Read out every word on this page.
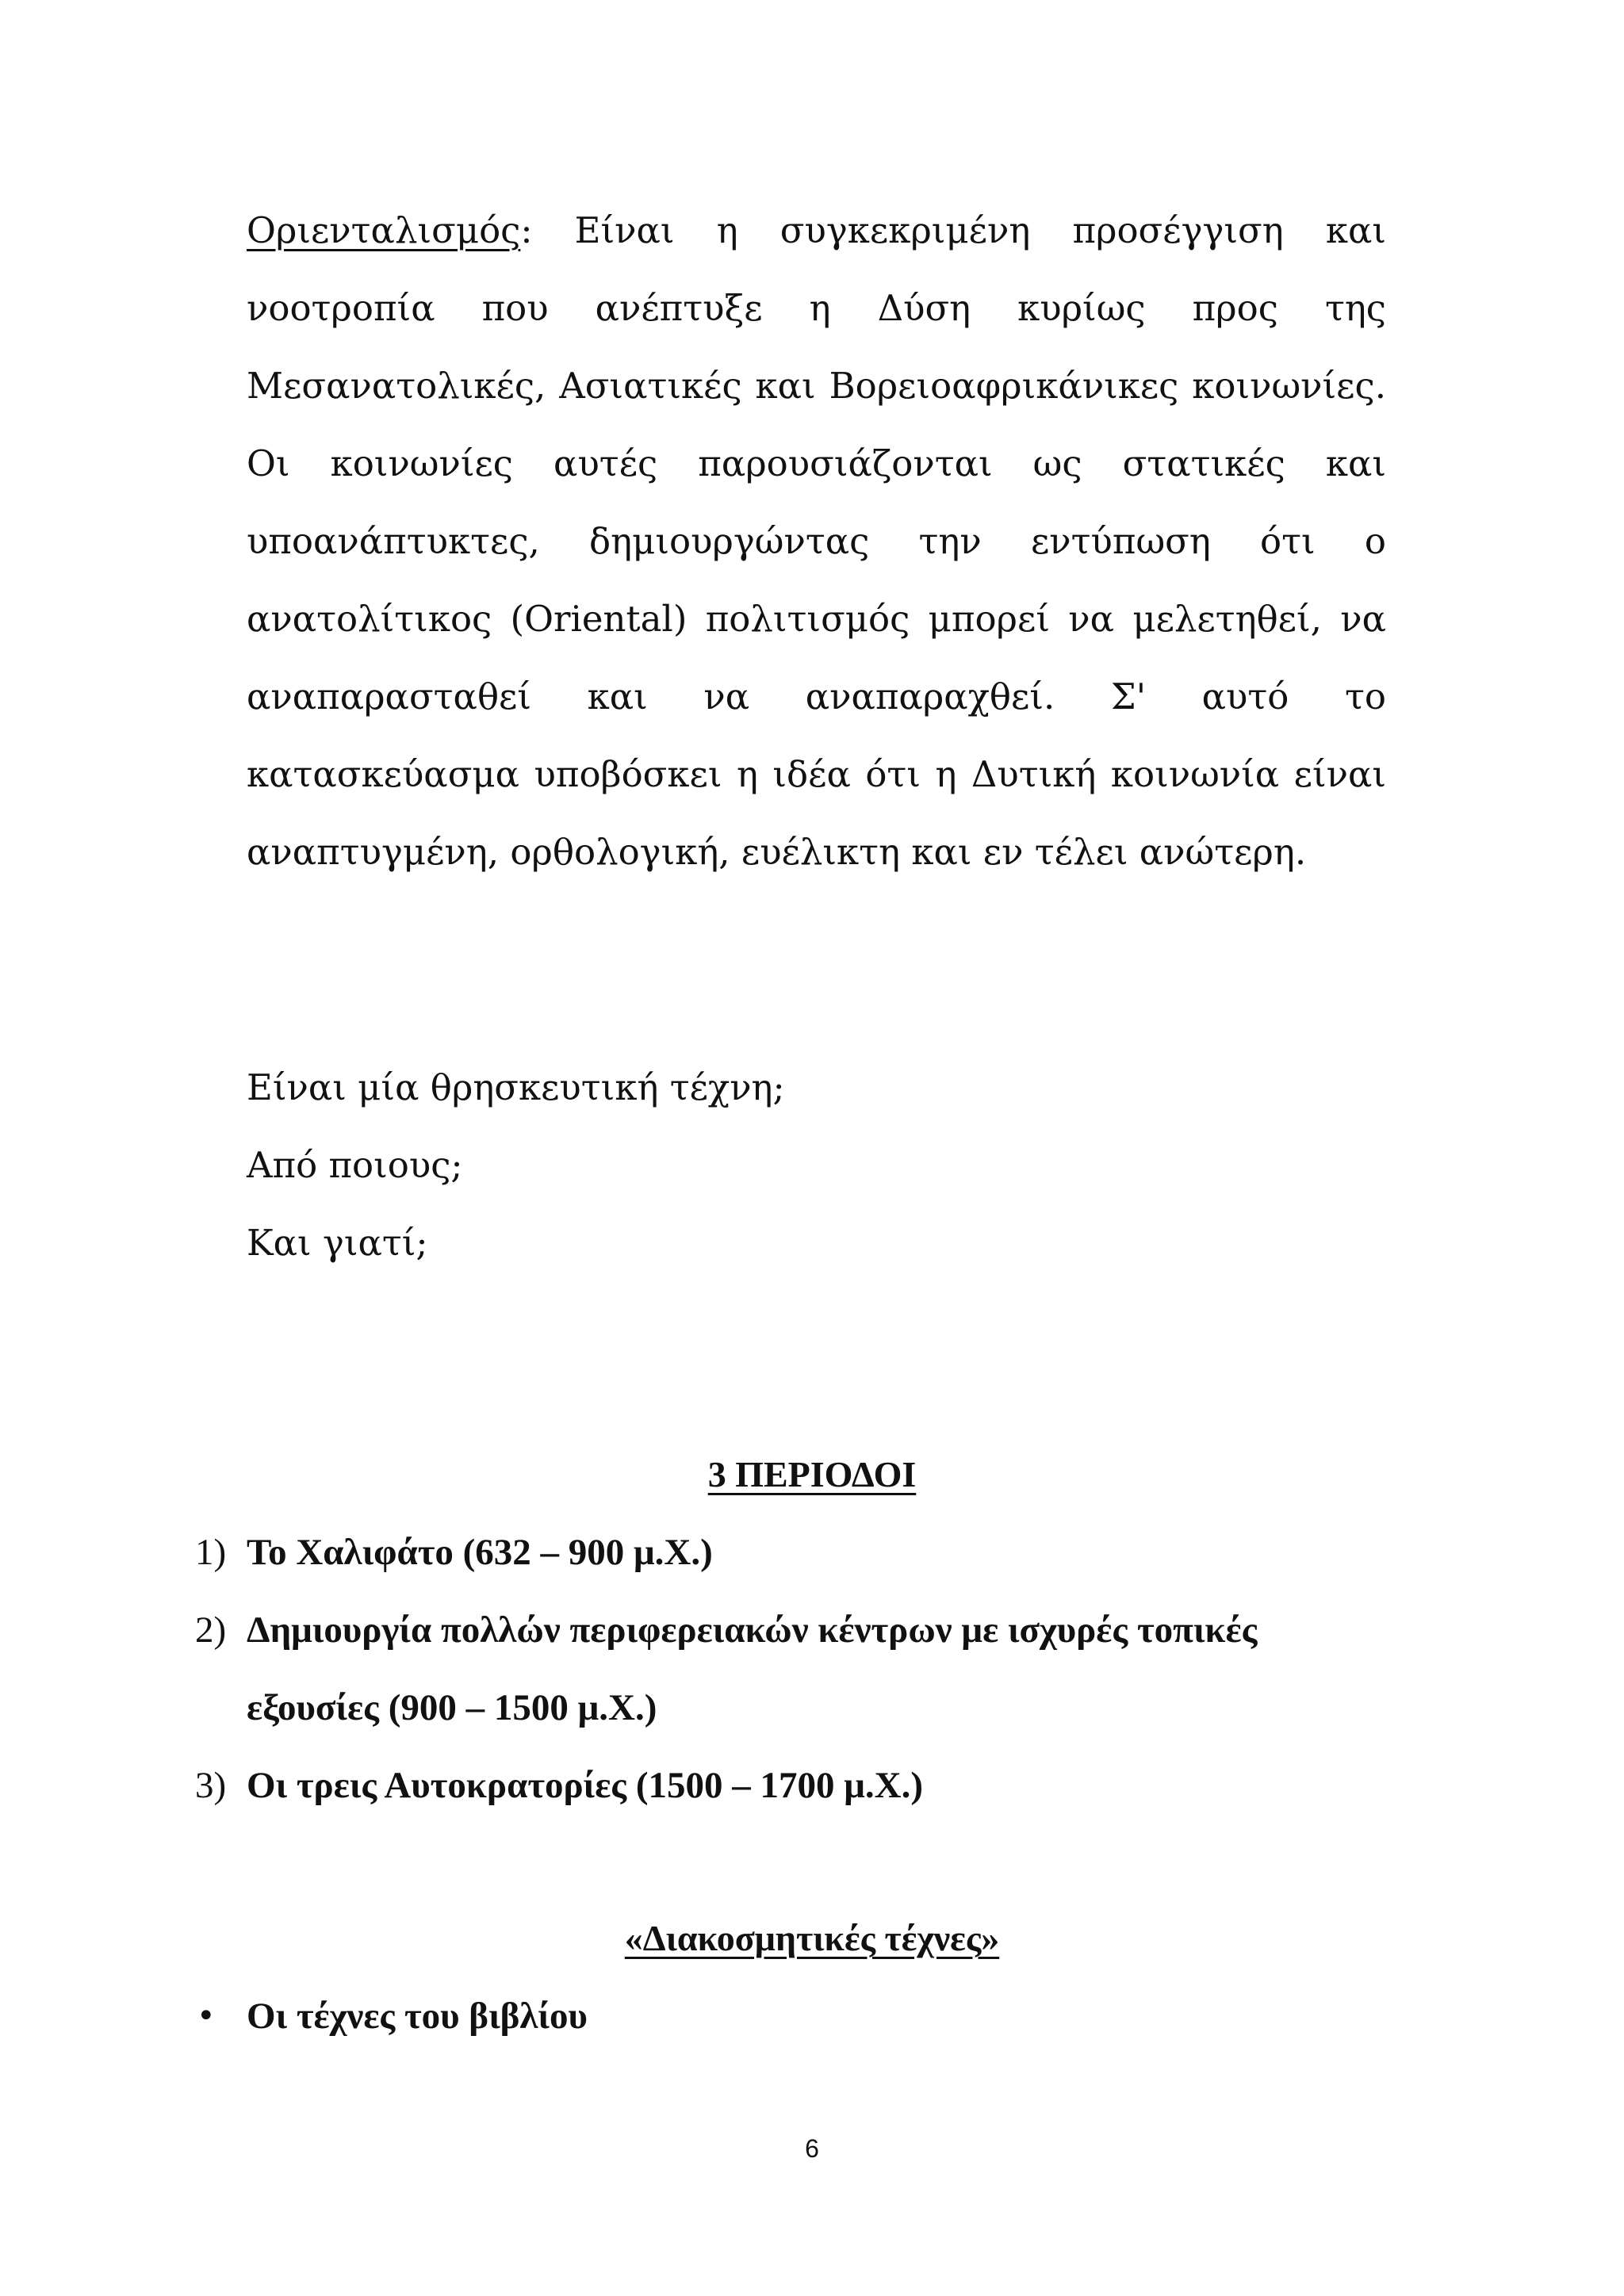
Οριενταλισμός: Είναι η συγκεκριμένη προσέγγιση και νοοτροπία που ανέπτυξε η Δύση κυρίως προς της Μεσανατολικές, Ασιατικές και Βορειοαφρικάνικες κοινωνίες. Οι κοινωνίες αυτές παρουσιάζονται ως στατικές και υποανάπτυκτες, δημιουργώντας την εντύπωση ότι ο ανατολίτικος (Oriental) πολιτισμός μπορεί να μελετηθεί, να αναπαρασταθεί και να αναπαραχθεί. Σ' αυτό το κατασκεύασμα υποβόσκει η ιδέα ότι η Δυτική κοινωνία είναι αναπτυγμένη, ορθολογική, ευέλικτη και εν τέλει ανώτερη.

Είναι μία θρησκευτική τέχνη;

Από ποιους;

Και γιατί;

3 ΠΕΡΙΟΔΟΙ

1) Το Χαλιφάτο (632 – 900 μ.Χ.)
2) Δημιουργία πολλών περιφερειακών κέντρων με ισχυρές τοπικές εξουσίες (900 – 1500 μ.Χ.)
3) Οι τρεις Αυτοκρατορίες (1500 – 1700 μ.Χ.)

«Διακοσμητικές τέχνες»

• Οι τέχνες του βιβλίου

6
